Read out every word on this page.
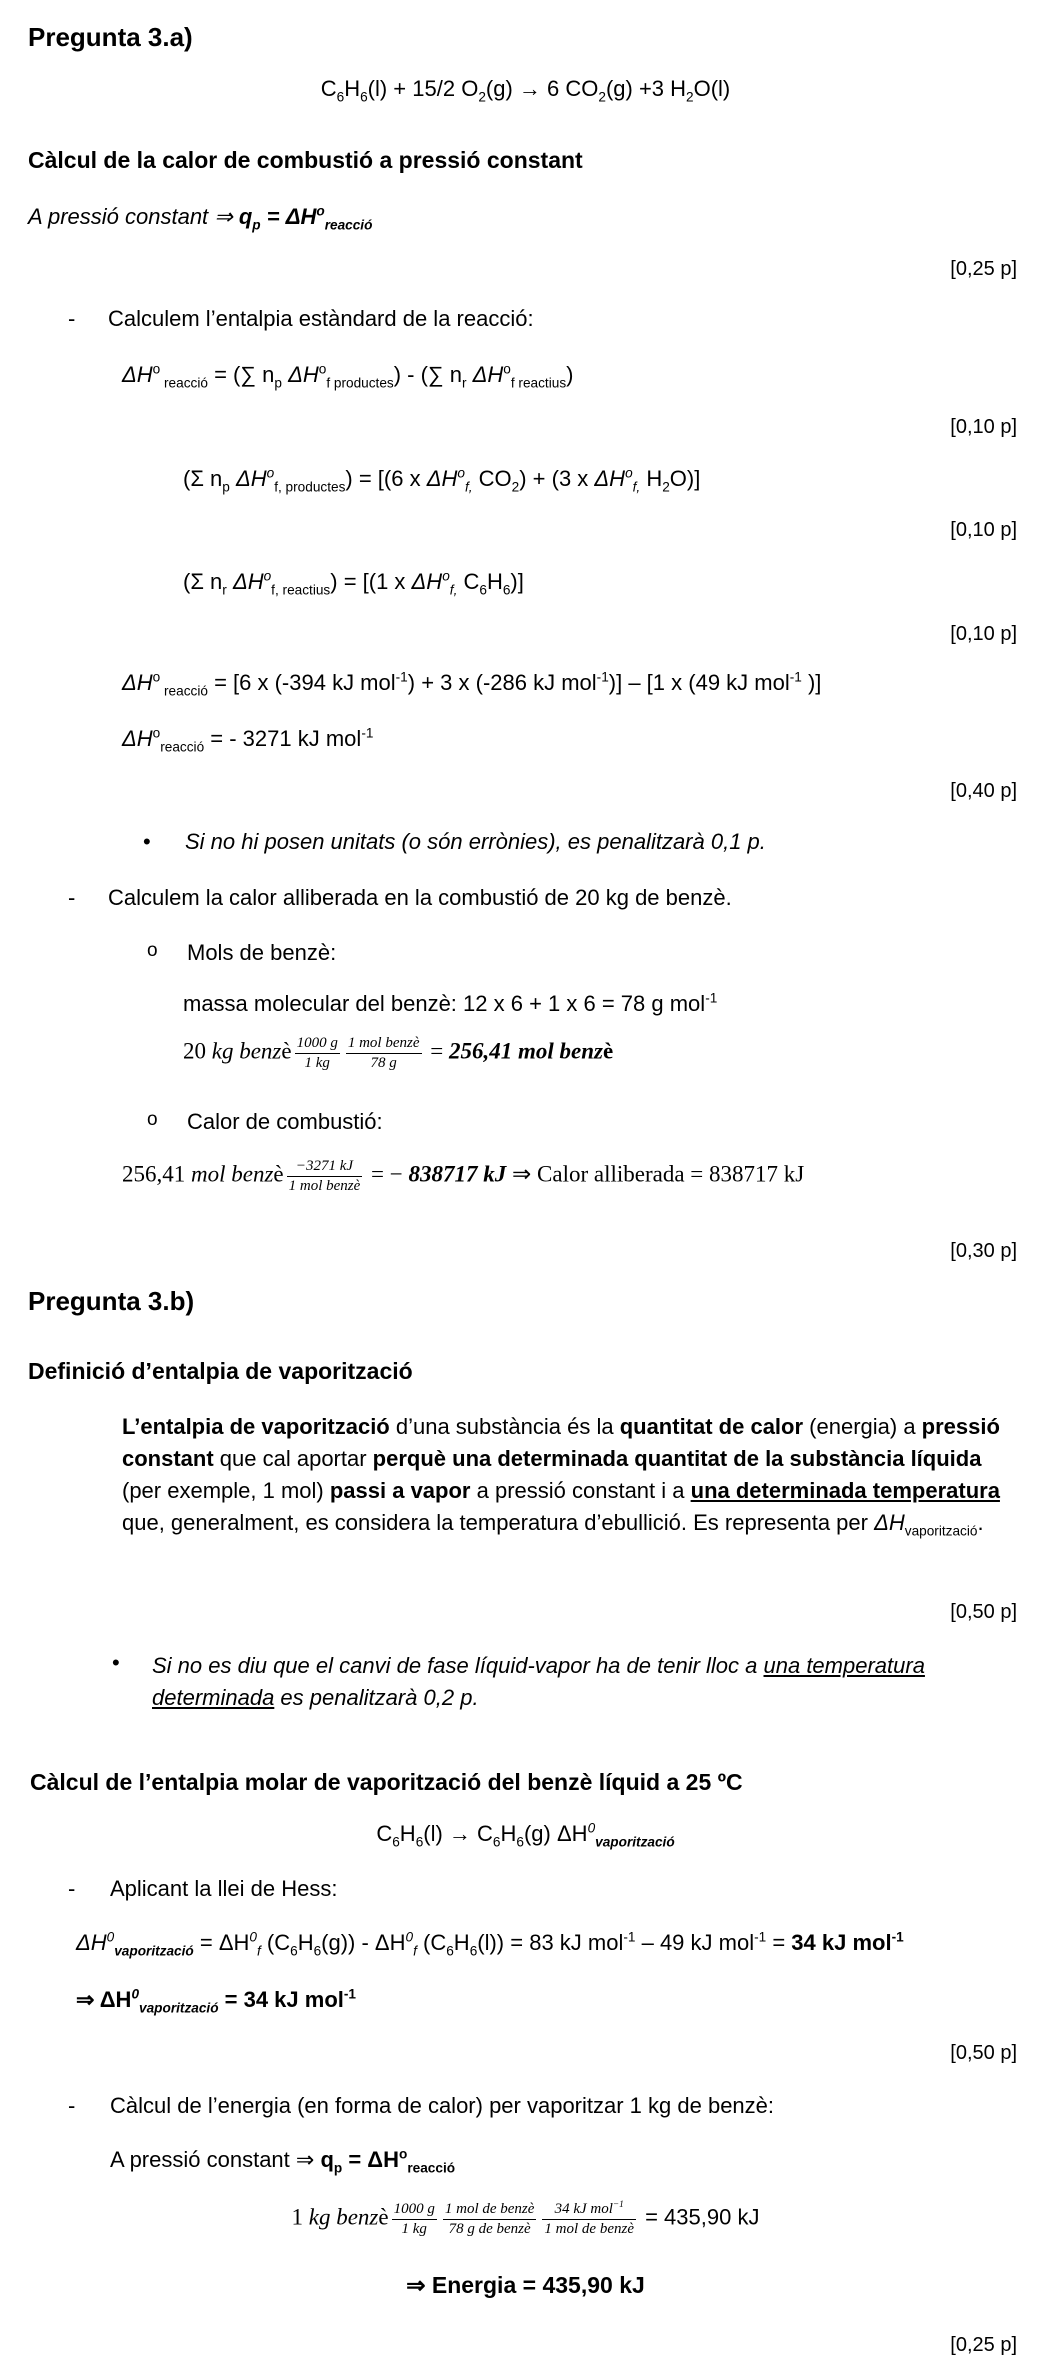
Pregunta 3.a)
$C_6H_6(l) + 15/2$ $O_2(g) \to 6$ $CO_2(g) +3$ $H_2O(l)$
Càlcul de la calor de combustió a pressió constant
A pressió constant ⇒ $q_p = \Delta H^o_{reacció}$
[0,25 p]
- Calculem l’entalpia estàndard de la reacció:
$\Delta H^o$ $_{reacció}$ = (∑ $n_p$ $\Delta H^o_{f productes}$) - (∑ $n_r$ $\Delta H^o_{f reactius}$)
[0,10 p]
(Σ $n_p$ $\Delta H^o_{f, productes}) = [(6$ x $\Delta H^o_{f,}$ $CO_2) + (3$ x $\Delta H^o_{f,}$ $H_2O$)]
[0,10 p]
(Σ $n_r$ $\Delta H^o_{f, reactius}) = [(1$ x $\Delta H^o_{f,}$ $C_6H_6$)]
[0,10 p]
$\Delta H^o$ $_{reacció}$ = [6 x (-394 kJ mol$^{-1}$) + 3 x (-286 kJ mol$^{-1}$)] – [1 x (49 kJ mol$^{-1}$ )]
$\Delta H^o_{reacció}$ = - 3271 kJ mol$^{-1}$
[0,40 p]
• Si no hi posen unitats (o són errònies), es penalitzarà 0,1 p.
- Calculem la calor alliberada en la combustió de 20 kg de benzè.
o Mols de benzè:
massa molecular del benzè: 12 x 6 + 1 x 6 = 78 g mol$^{-1}$
20 kg benzè $\frac{1000 g}{1 kg} \frac{\text{1 mol benzè}}{78 g} = 256,41$ mol benzè
o Calor de combustió:
256,41 mol benzè $\frac{-3271 kJ}{\text{1 mol benzè}}$ = − 838717 kJ ⇒ Calor alliberada = 838717 kJ
[0,30 p]
Pregunta 3.b)
Definició d’entalpia de vaporització
L’entalpia de vaporització d’una substància és la quantitat de calor (energia) a pressió constant que cal aportar perquè una determinada quantitat de la substància líquida (per exemple, 1 mol) passi a vapor a pressió constant i a una determinada temperatura que, generalment, es considera la temperatura d’ebullició. Es representa per $\Delta H_{vaporització}$.
[0,50 p]
• Si no es diu que el canvi de fase líquid-vapor ha de tenir lloc a una temperatura determinada es penalitzarà 0,2 p.
Càlcul de l’entalpia molar de vaporització del benzè líquid a 25 ºC
$C_6H_6(l) \to C_6H_6(g)$ $\Delta H^0_{vaporització}$
- Aplicant la llei de Hess:
$\Delta H^0_{vaporització} = \Delta H^0_f$ $(C_6H_6(g)) - \Delta H^0_f$ $(C_6H_6(l)) = 83$ kJ mol$^{-1}$ – 49 kJ mol$^{-1}$ = 34 kJ mol$^{-1}$
⇒ $\Delta H^0_{vaporització} = 34$ kJ mol$^{-1}$
[0,50 p]
- Càlcul de l’energia (en forma de calor) per vaporitzar 1 kg de benzè:
A pressió constant ⇒ $q_p = \Delta H^o_{reacció}$
1 kg benzè $\frac{1000 g}{1 kg} \frac{\text{1 mol de benzè}}{\text{78 g de benzè}} \frac{34 kJ mol^{-1}}{\text{1 mol de benzè}} = 435,90$ kJ
⇒ Energia = 435,90 kJ
[0,25 p]
